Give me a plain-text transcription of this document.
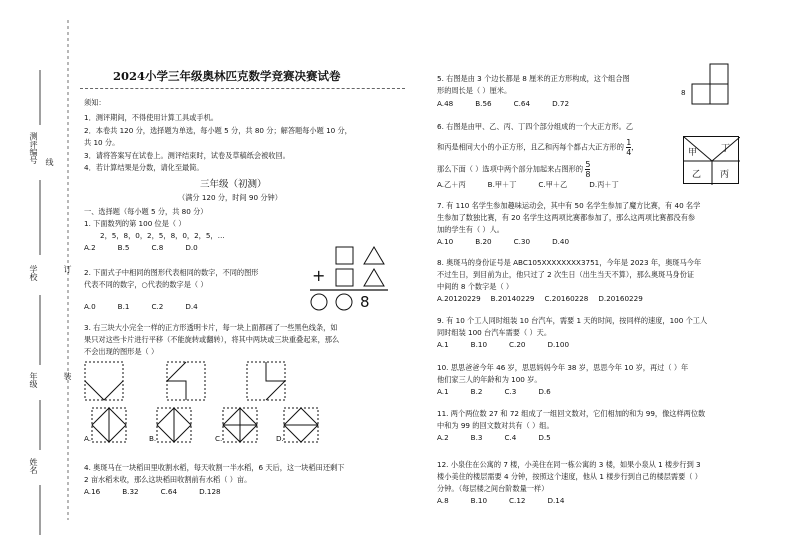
测评编号 线
学校	订
年级	装
姓名
2024小学三年级奥林匹克数学竞赛决赛试卷
须知：
1．测评期间，不得使用计算工具或手机。
2．本卷共 120 分，选择题为单选，每小题 5 分，共 80 分；解答题每小题 10 分，
共 10 分。
3．请将答案写在试卷上。测评结束时，试卷及草稿纸会被收回。
4．若计算结果是分数，请化至最简。
三年级（初测）
（满分 120 分，时间 90 分钟）
一、选择题（每小题 5 分，共 80 分）
1. 下面数列的第 100 位是（ ）
2，5，8，0，2，5，8，0，2，5，…
A.2	B.5	C.8	D.0
2. 下面式子中相同的图形代表相同的数字，不同的图形
代表不同的数字，○代表的数字是（ ）
A.0	B.1	C.2	D.4
+
8
3. 右三块大小完全一样的正方形透明卡片，每一块上面都画了一些黑色线条，如
果只对这些卡片进行平移（不能旋转或翻转），将其中两块或三块重叠起来，那么
不会出现的图形是（ ）
A.	B.	C.	D.
4. 奥斑马在一块稻田里收割水稻，每天收割一半水稻，6 天后，这一块稻田还剩下
2 亩水稻未收，那么这块稻田收割前有水稻（ ）亩。
A.16	B.32	C.64	D.128
5. 右图是由 3 个边长都是 8 厘米的正方形构成，这个组合图
形的周长是（ ）厘米。
A.48	B.56	C.64	D.72
8
6. 右图是由甲、乙、丙、丁四个部分组成的一个大正方形。乙
和丙是相同大小的小正方形，且乙和丙每个都占大正方形的 $\frac{1}{4}$ ，
那么下面（ ）选项中两个部分加起来占图形的 $\frac{5}{8}$
A.乙＋丙	B.甲＋丁	C.甲＋乙	D.丙＋丁
甲	丁
乙 丙
7. 有 110 名学生参加趣味运动会，其中有 50 名学生参加了魔方比赛，有 40 名学
生参加了数独比赛，有 20 名学生这两项比赛都参加了，那么这两项比赛都没有参
加的学生有（ ）人。
A.10	B.20	C.30	D.40
8. 奥斑马的身份证号是 ABC105XXXXXXXX3751，今年是 2023 年，奥斑马今年
不过生日，到目前为止，他只过了 2 次生日（出生当天不算），那么奥斑马身份证
中间的 8 个数字是（ ）
A.20120229 B.20140229 C.20160228 D.20160229
9. 有 10 个工人同时组装 10 台汽车，需要 1 天的时间，按同样的速度，100 个工人
同时组装 100 台汽车需要（ ）天。
A.1	B.10	C.20	D.100
10. 思思爸爸今年 46 岁，思思妈妈今年 38 岁，思思今年 10 岁，再过（ ）年
他们家三人的年龄和为 100 岁。
A.1	B.2	C.3	D.6
11. 两个两位数 27 和 72 组成了一组回文数对，它们相加的和为 99，像这样两位数
中和为 99 的回文数对共有（ ）组。
A.2	B.3	C.4	D.5
12. 小泉住在公寓的 7 楼，小美住在同一栋公寓的 3 楼，如果小泉从 1 楼步行到 3
楼小美住的楼层需要 4 分钟，按照这个速度，他从 1 楼步行到自己的楼层需要（ ）
分钟。（每层楼之间台阶数量一样）
A.8	B.10	C.12	D.14
